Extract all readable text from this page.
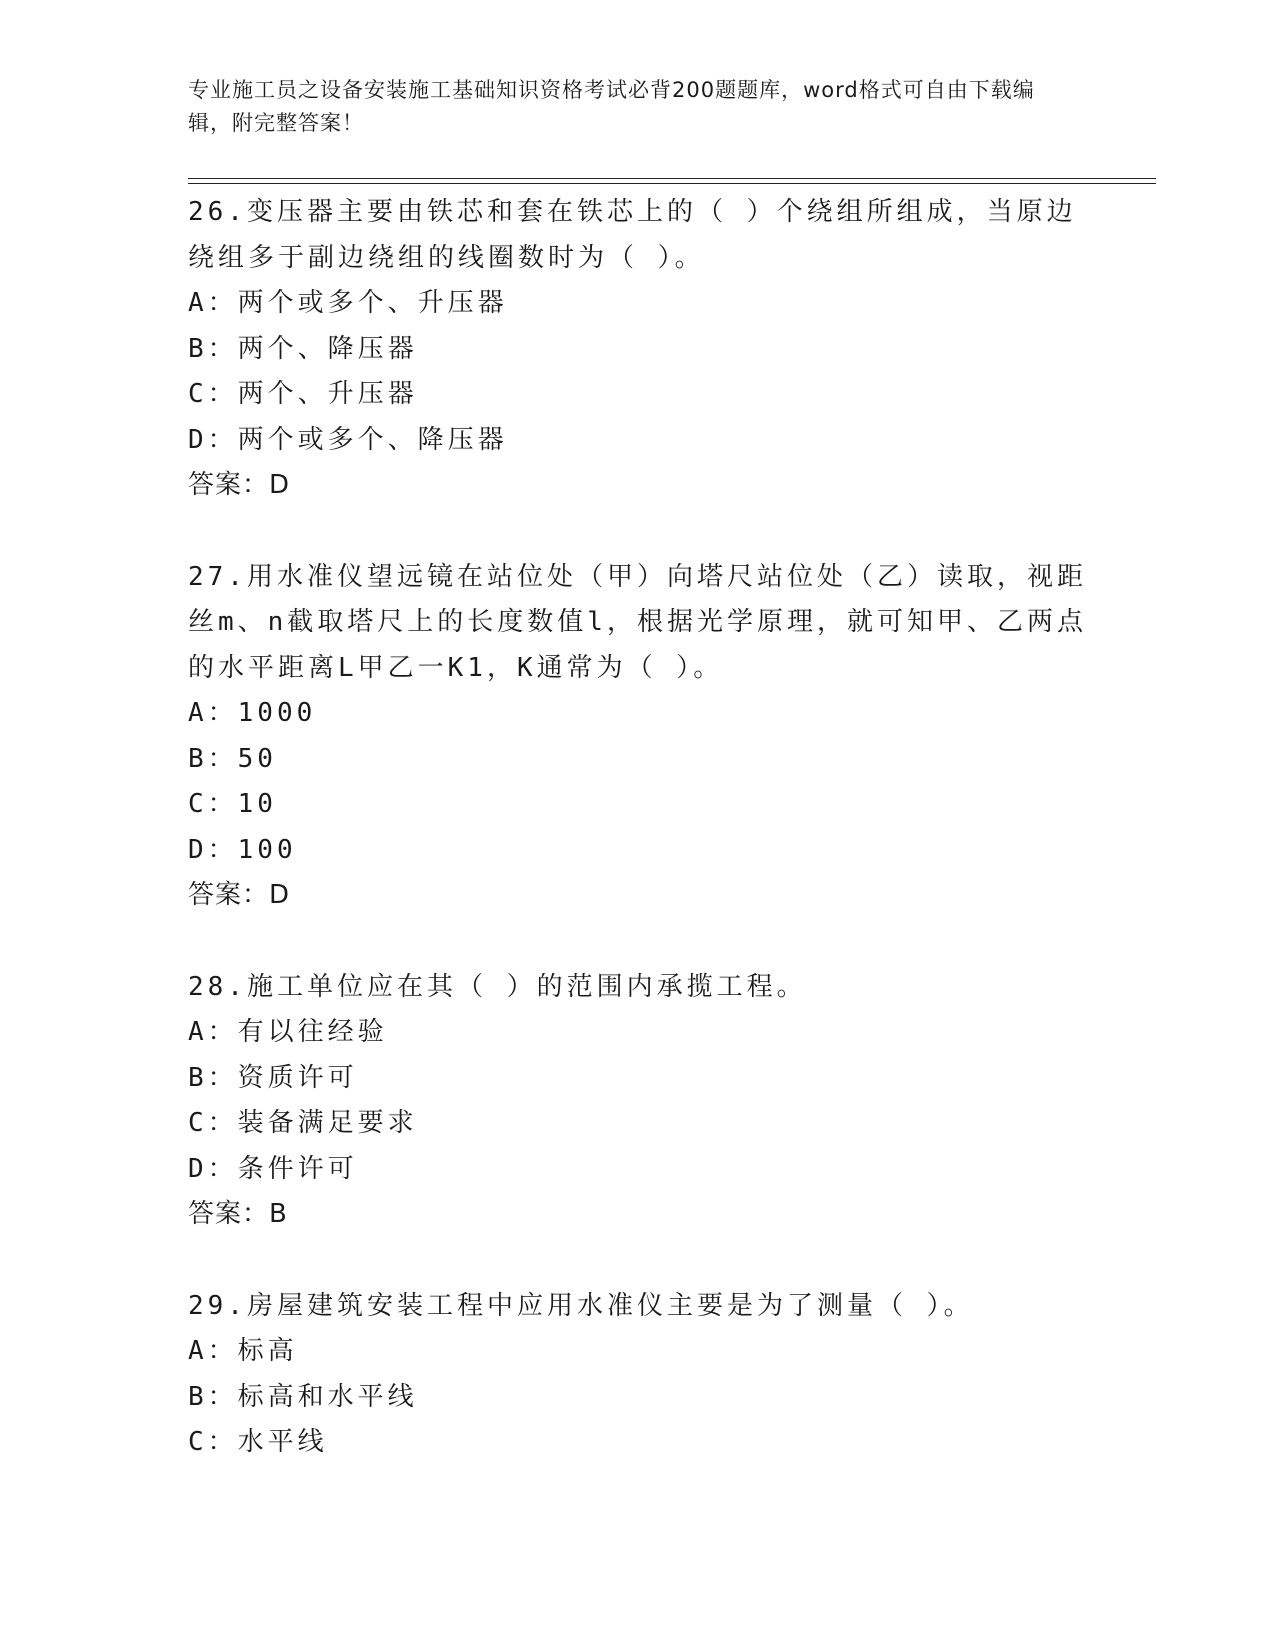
专业施工员之设备安装施工基础知识资格考试必背200题题库，word格式可自由下载编辑，附完整答案！
26.变压器主要由铁芯和套在铁芯上的（ ）个绕组所组成，当原边绕组多于副边绕组的线圈数时为（ ）。
A：两个或多个、升压器
B：两个、降压器
C：两个、升压器
D：两个或多个、降压器
答案：D
27.用水准仪望远镜在站位处（甲）向塔尺站位处（乙）读取，视距丝m、n截取塔尺上的长度数值l，根据光学原理，就可知甲、乙两点的水平距离L甲乙一K1，K通常为（ ）。
A：1000
B：50
C：10
D：100
答案：D
28.施工单位应在其（ ）的范围内承揽工程。
A：有以往经验
B：资质许可
C：装备满足要求
D：条件许可
答案：B
29.房屋建筑安装工程中应用水准仪主要是为了测量（ ）。
A：标高
B：标高和水平线
C：水平线
